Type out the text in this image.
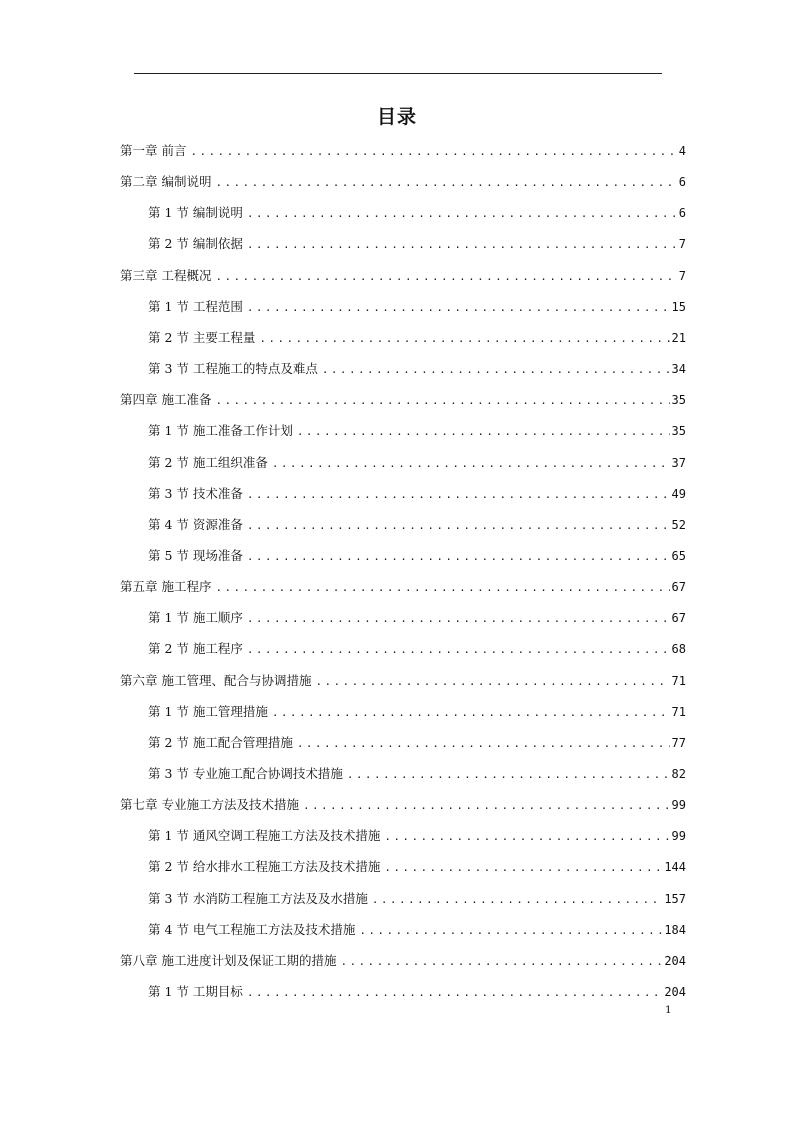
目录
第一章 前言 .....	4
第二章 编制说明 .....	6
第 1 节 编制说明 .....	6
第 2 节 编制依据 .....	7
第三章 工程概况 .....	7
第 1 节 工程范围 .....	15
第 2 节 主要工程量 .....	21
第 3 节 工程施工的特点及难点 .....	34
第四章 施工准备 .....	35
第 1 节 施工准备工作计划 .....	35
第 2 节 施工组织准备 .....	37
第 3 节 技术准备 .....	49
第 4 节 资源准备 .....	52
第 5 节 现场准备 .....	65
第五章 施工程序 .....	67
第 1 节 施工顺序 .....	67
第 2 节 施工程序 .....	68
第六章 施工管理、配合与协调措施 .....	71
第 1 节 施工管理措施 .....	71
第 2 节 施工配合管理措施 .....	77
第 3 节 专业施工配合协调技术措施 .....	82
第七章 专业施工方法及技术措施 .....	99
第 1 节 通风空调工程施工方法及技术措施 .....	99
第 2 节 给水排水工程施工方法及技术措施 .....	144
第 3 节 水消防工程施工方法及及水措施 .....	157
第 4 节 电气工程施工方法及技术措施 .....	184
第八章 施工进度计划及保证工期的措施 .....	204
第 1 节 工期目标 .....	204
1
